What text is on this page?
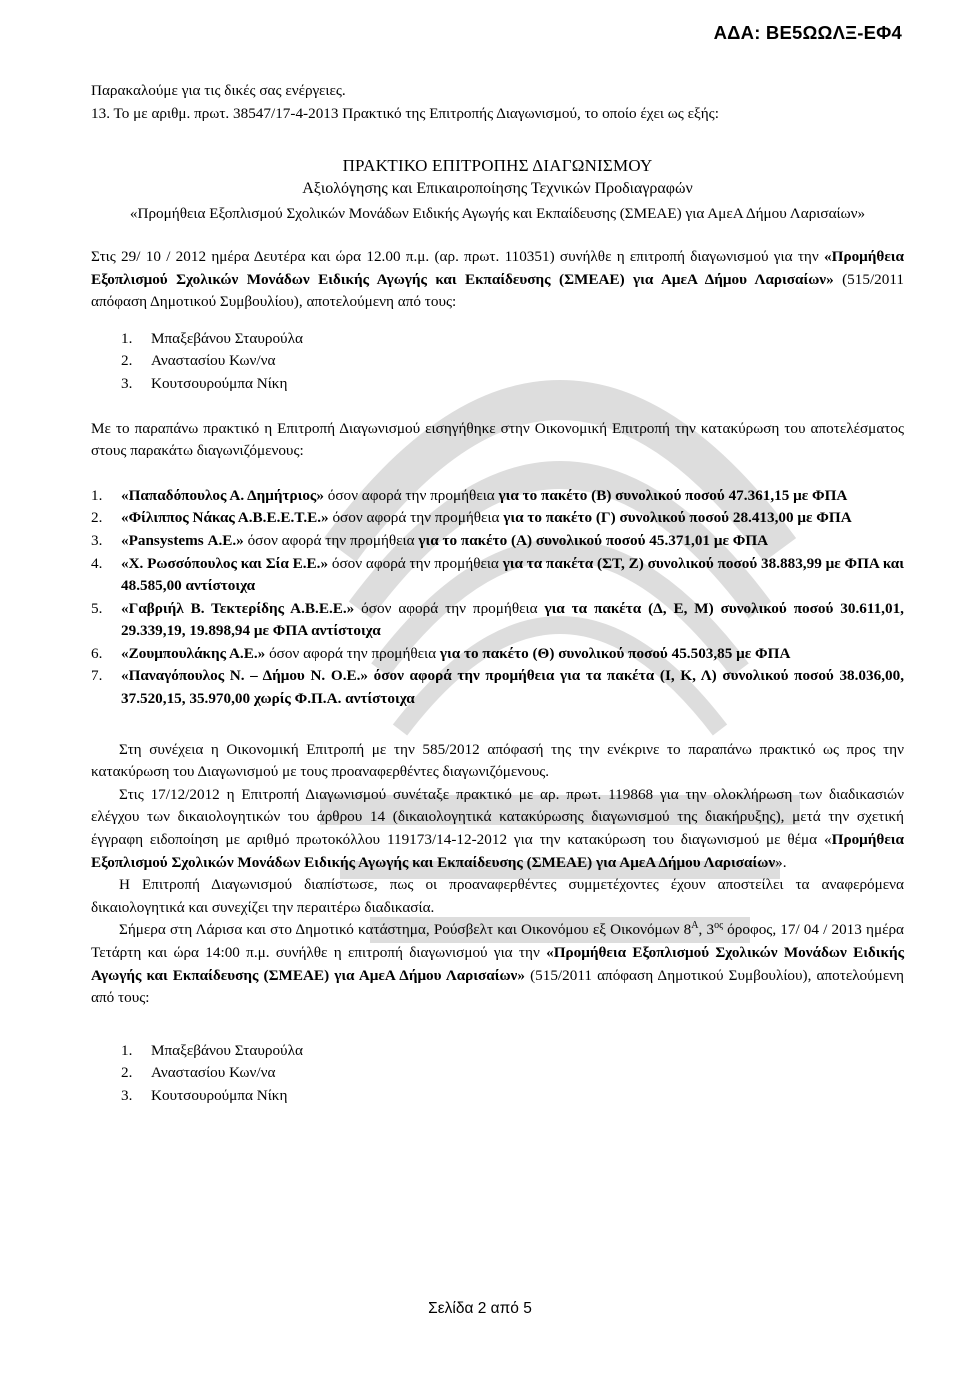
ΑΔΑ: ΒΕ5ΩΩΛΞ-ΕΦ4

Παρακαλούμε για τις δικές σας ενέργειες.

13. Το με αριθμ. πρωτ. 38547/17-4-2013 Πρακτικό της Επιτροπής Διαγωνισμού, το οποίο έχει ως εξής:

ΠΡΑΚΤΙΚΟ ΕΠΙΤΡΟΠΗΣ ΔΙΑΓΩΝΙΣΜΟΥ

Αξιολόγησης και Επικαιροποίησης Τεχνικών Προδιαγραφών

«Προμήθεια Εξοπλισμού Σχολικών Μονάδων Ειδικής Αγωγής και Εκπαίδευσης (ΣΜΕΑΕ) για ΑμεΑ Δήμου Λαρισαίων»

Στις 29/ 10 / 2012 ημέρα Δευτέρα και ώρα 12.00 π.μ. (αρ. πρωτ. 110351) συνήλθε η επιτροπή διαγωνισμού για την «Προμήθεια Εξοπλισμού Σχολικών Μονάδων Ειδικής Αγωγής και Εκπαίδευσης (ΣΜΕΑΕ) για ΑμεΑ Δήμου Λαρισαίων» (515/2011 απόφαση Δημοτικού Συμβουλίου), αποτελούμενη από τους:

1. Μπαξεβάνου Σταυρούλα
2. Αναστασίου Κων/να
3. Κουτσουρούμπα Νίκη

Με το παραπάνω πρακτικό η Επιτροπή Διαγωνισμού εισηγήθηκε στην Οικονομική Επιτροπή την κατακύρωση του αποτελέσματος στους παρακάτω διαγωνιζόμενους:

1. «Παπαδόπουλος Α. Δημήτριος» όσον αφορά την προμήθεια για το πακέτο (Β) συνολικού ποσού 47.361,15 με ΦΠΑ
2. «Φίλιππος Νάκας Α.Β.Ε.Ε.Τ.Ε.» όσον αφορά την προμήθεια για το πακέτο (Γ) συνολικού ποσού 28.413,00 με ΦΠΑ
3. «Pansystems Α.Ε.» όσον αφορά την προμήθεια για το πακέτο (Α) συνολικού ποσού 45.371,01 με ΦΠΑ
4. «Χ. Ρωσσόπουλος και Σία Ε.Ε.» όσον αφορά την προμήθεια για τα πακέτα (ΣΤ, Ζ) συνολικού ποσού 38.883,99 με ΦΠΑ και 48.585,00 αντίστοιχα
5. «Γαβριήλ Β. Τεκτερίδης Α.Β.Ε.Ε.» όσον αφορά την προμήθεια για τα πακέτα (Δ, Ε, Μ) συνολικού ποσού 30.611,01, 29.339,19, 19.898,94 με ΦΠΑ αντίστοιχα
6. «Ζουμπουλάκης Α.Ε.» όσον αφορά την προμήθεια για το πακέτο (Θ) συνολικού ποσού 45.503,85 με ΦΠΑ
7. «Παναγόπουλος Ν. – Δήμου Ν. Ο.Ε.» όσον αφορά την προμήθεια για τα πακέτα (Ι, Κ, Λ) συνολικού ποσού 38.036,00, 37.520,15, 35.970,00 χωρίς Φ.Π.Α. αντίστοιχα

Στη συνέχεια η Οικονομική Επιτροπή με την 585/2012 απόφασή της την ενέκρινε το παραπάνω πρακτικό ως προς την κατακύρωση του Διαγωνισμού με τους προαναφερθέντες διαγωνιζόμενους.

Στις 17/12/2012 η Επιτροπή Διαγωνισμού συνέταξε πρακτικό με αρ. πρωτ. 119868 για την ολοκλήρωση των διαδικασιών ελέγχου των δικαιολογητικών του άρθρου 14 (δικαιολογητικά κατακύρωσης διαγωνισμού της διακήρυξης), μετά την σχετική έγγραφη ειδοποίηση με αριθμό πρωτοκόλλου 119173/14-12-2012 για την κατακύρωση του διαγωνισμού με θέμα «Προμήθεια Εξοπλισμού Σχολικών Μονάδων Ειδικής Αγωγής και Εκπαίδευσης (ΣΜΕΑΕ) για ΑμεΑ Δήμου Λαρισαίων».

Η Επιτροπή Διαγωνισμού διαπίστωσε, πως οι προαναφερθέντες συμμετέχοντες έχουν αποστείλει τα αναφερόμενα δικαιολογητικά και συνεχίζει την περαιτέρω διαδικασία.

Σήμερα στη Λάρισα και στο Δημοτικό κατάστημα, Ρούσβελτ και Οικονόμου εξ Οικονόμων $8^A$, $3^{o\varsigma}$ όροφος, 17/ 04 / 2013 ημέρα Τετάρτη και ώρα 14:00 π.μ. συνήλθε η επιτροπή διαγωνισμού για την «Προμήθεια Εξοπλισμού Σχολικών Μονάδων Ειδικής Αγωγής και Εκπαίδευσης (ΣΜΕΑΕ) για ΑμεΑ Δήμου Λαρισαίων» (515/2011 απόφαση Δημοτικού Συμβουλίου), αποτελούμενη από τους:

1. Μπαξεβάνου Σταυρούλα
2. Αναστασίου Κων/να
3. Κουτσουρούμπα Νίκη
Σελίδα 2 από 5
